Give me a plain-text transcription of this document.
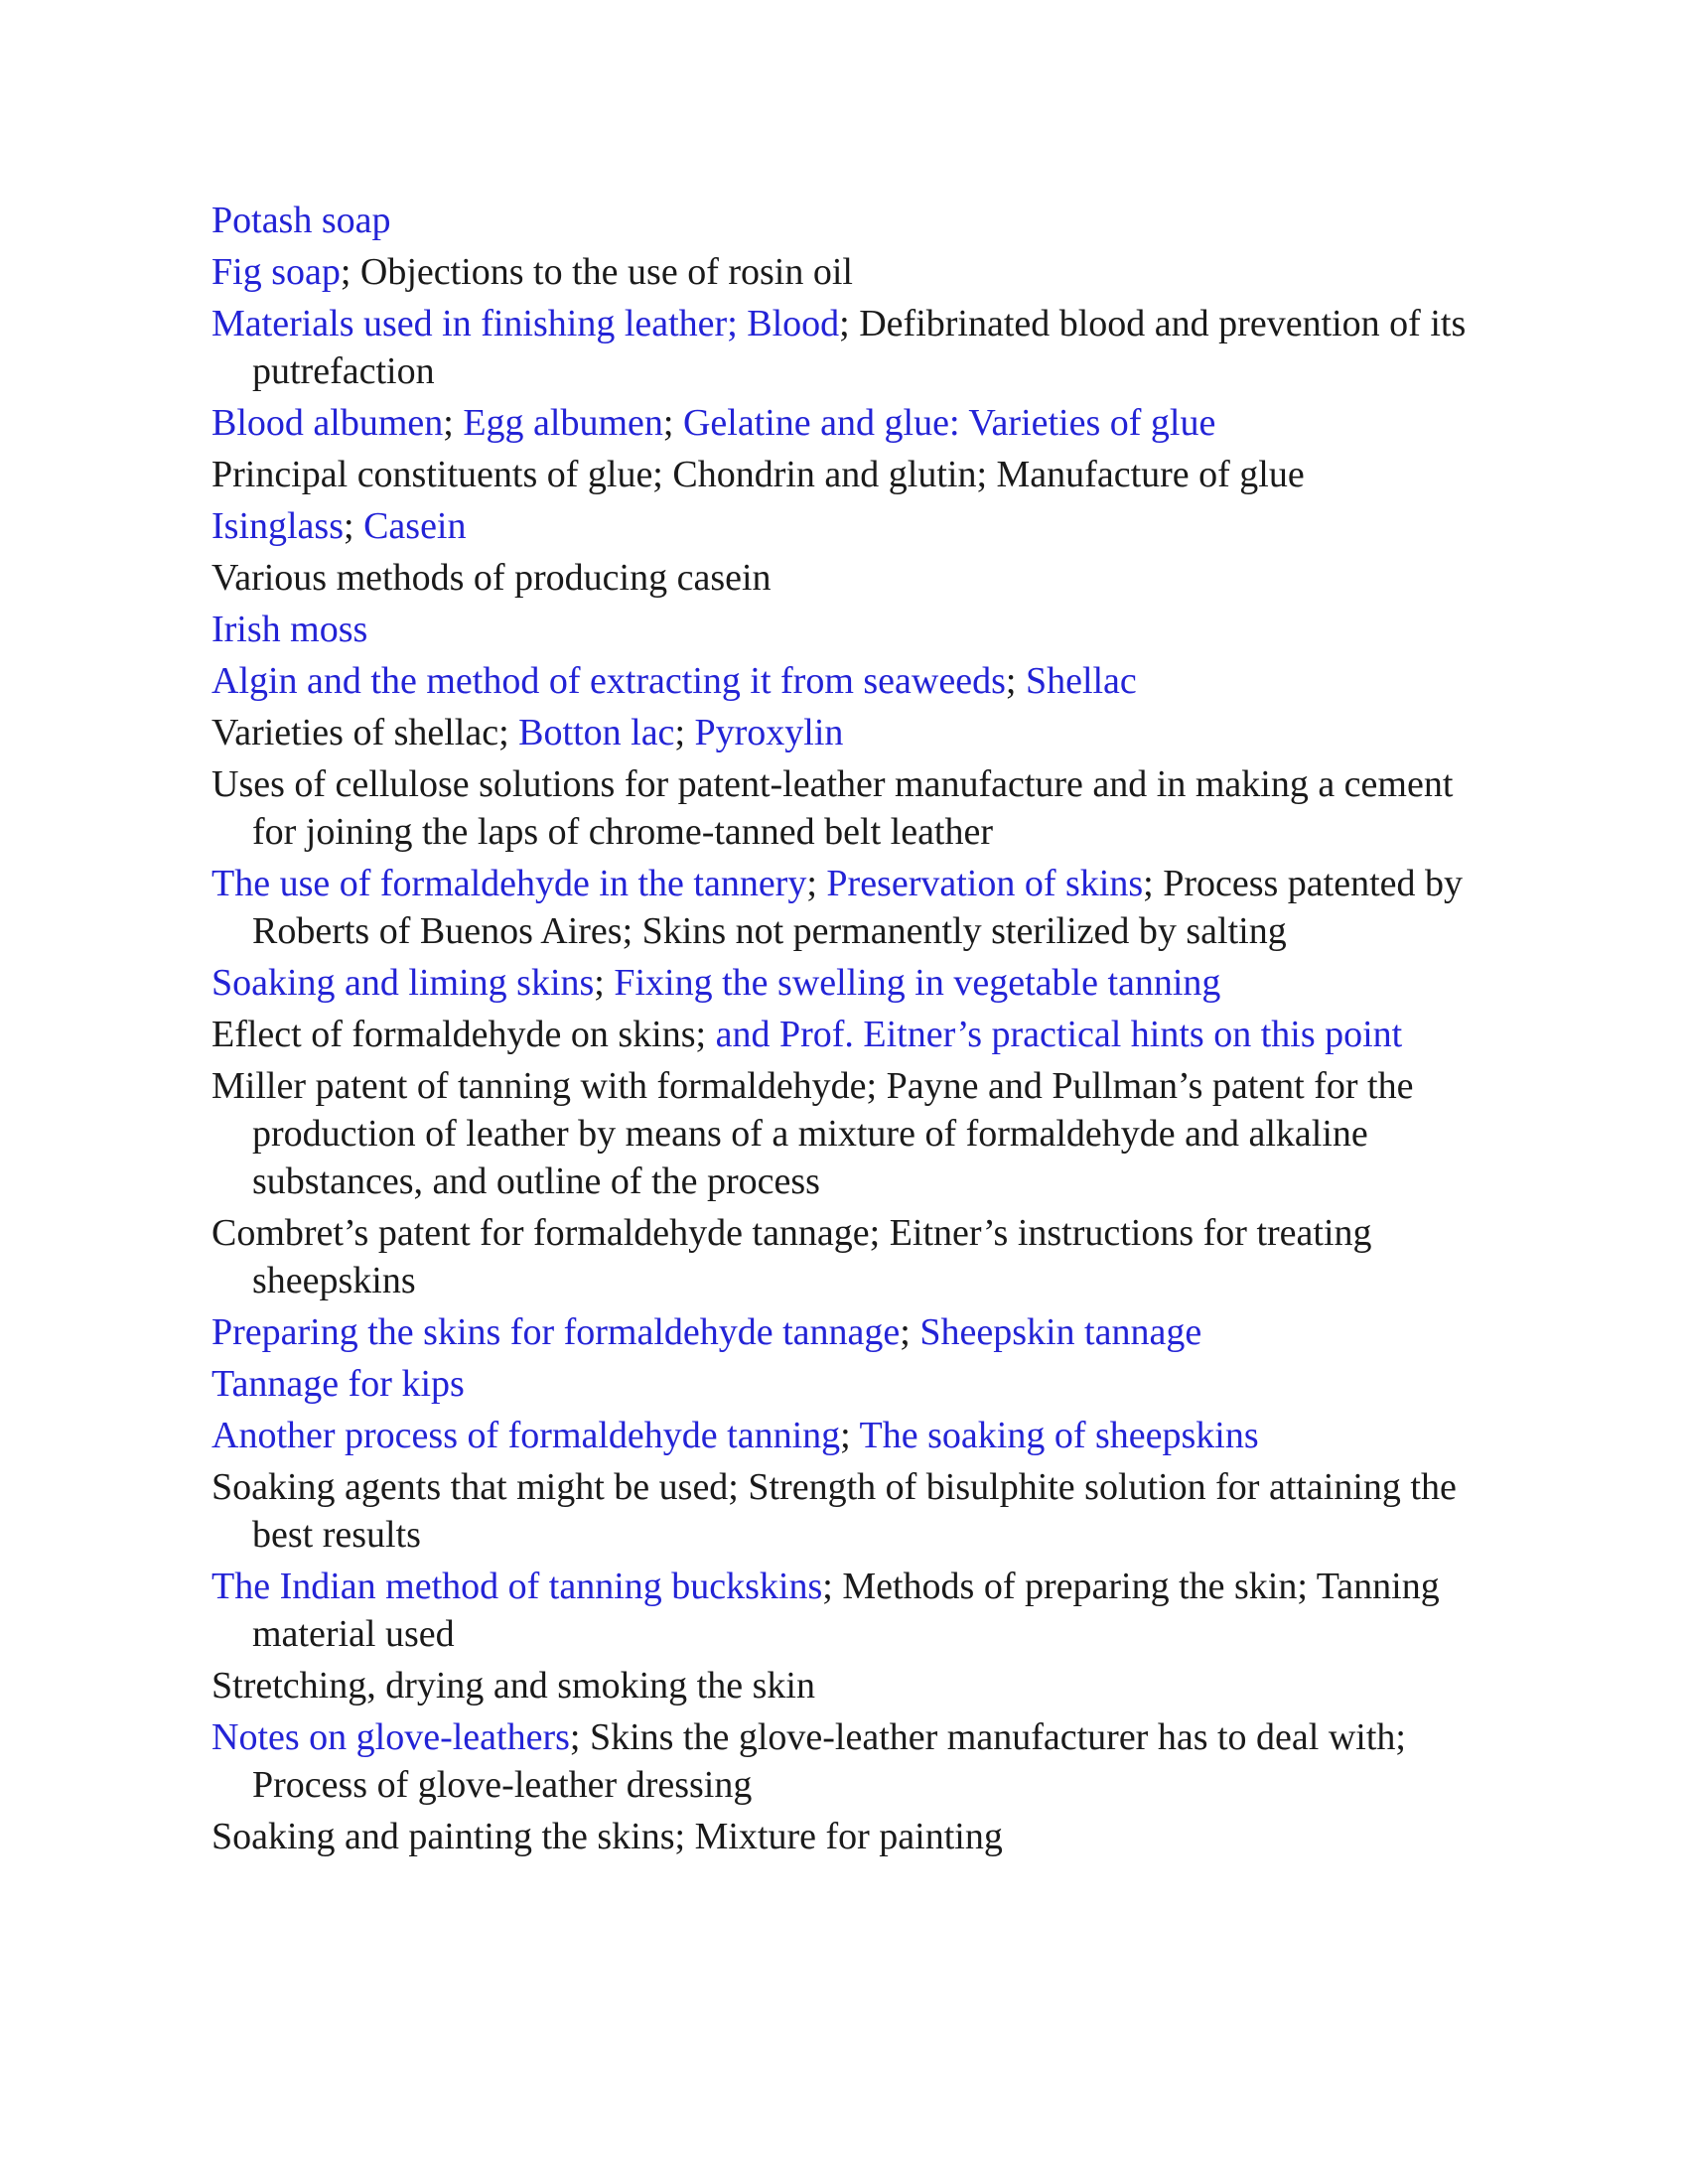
Potash soap
Fig soap; Objections to the use of rosin oil
Materials used in finishing leather; Blood; Defibrinated blood and prevention of its putrefaction
Blood albumen; Egg albumen; Gelatine and glue: Varieties of glue
Principal constituents of glue; Chondrin and glutin; Manufacture of glue
Isinglass; Casein
Various methods of producing casein
Irish moss
Algin and the method of extracting it from seaweeds; Shellac
Varieties of shellac; Botton lac; Pyroxylin
Uses of cellulose solutions for patent-leather manufacture and in making a cement for joining the laps of chrome-tanned belt leather
The use of formaldehyde in the tannery; Preservation of skins; Process patented by Roberts of Buenos Aires; Skins not permanently sterilized by salting
Soaking and liming skins; Fixing the swelling in vegetable tanning
Eflect of formaldehyde on skins; and Prof. Eitner’s practical hints on this point
Miller patent of tanning with formaldehyde; Payne and Pullman’s patent for the production of leather by means of a mixture of formaldehyde and alkaline substances, and outline of the process
Combret’s patent for formaldehyde tannage; Eitner’s instructions for treating sheepskins
Preparing the skins for formaldehyde tannage; Sheepskin tannage
Tannage for kips
Another process of formaldehyde tanning; The soaking of sheepskins
Soaking agents that might be used; Strength of bisulphite solution for attaining the best results
The Indian method of tanning buckskins; Methods of preparing the skin; Tanning material used
Stretching, drying and smoking the skin
Notes on glove-leathers; Skins the glove-leather manufacturer has to deal with; Process of glove-leather dressing
Soaking and painting the skins; Mixture for painting
